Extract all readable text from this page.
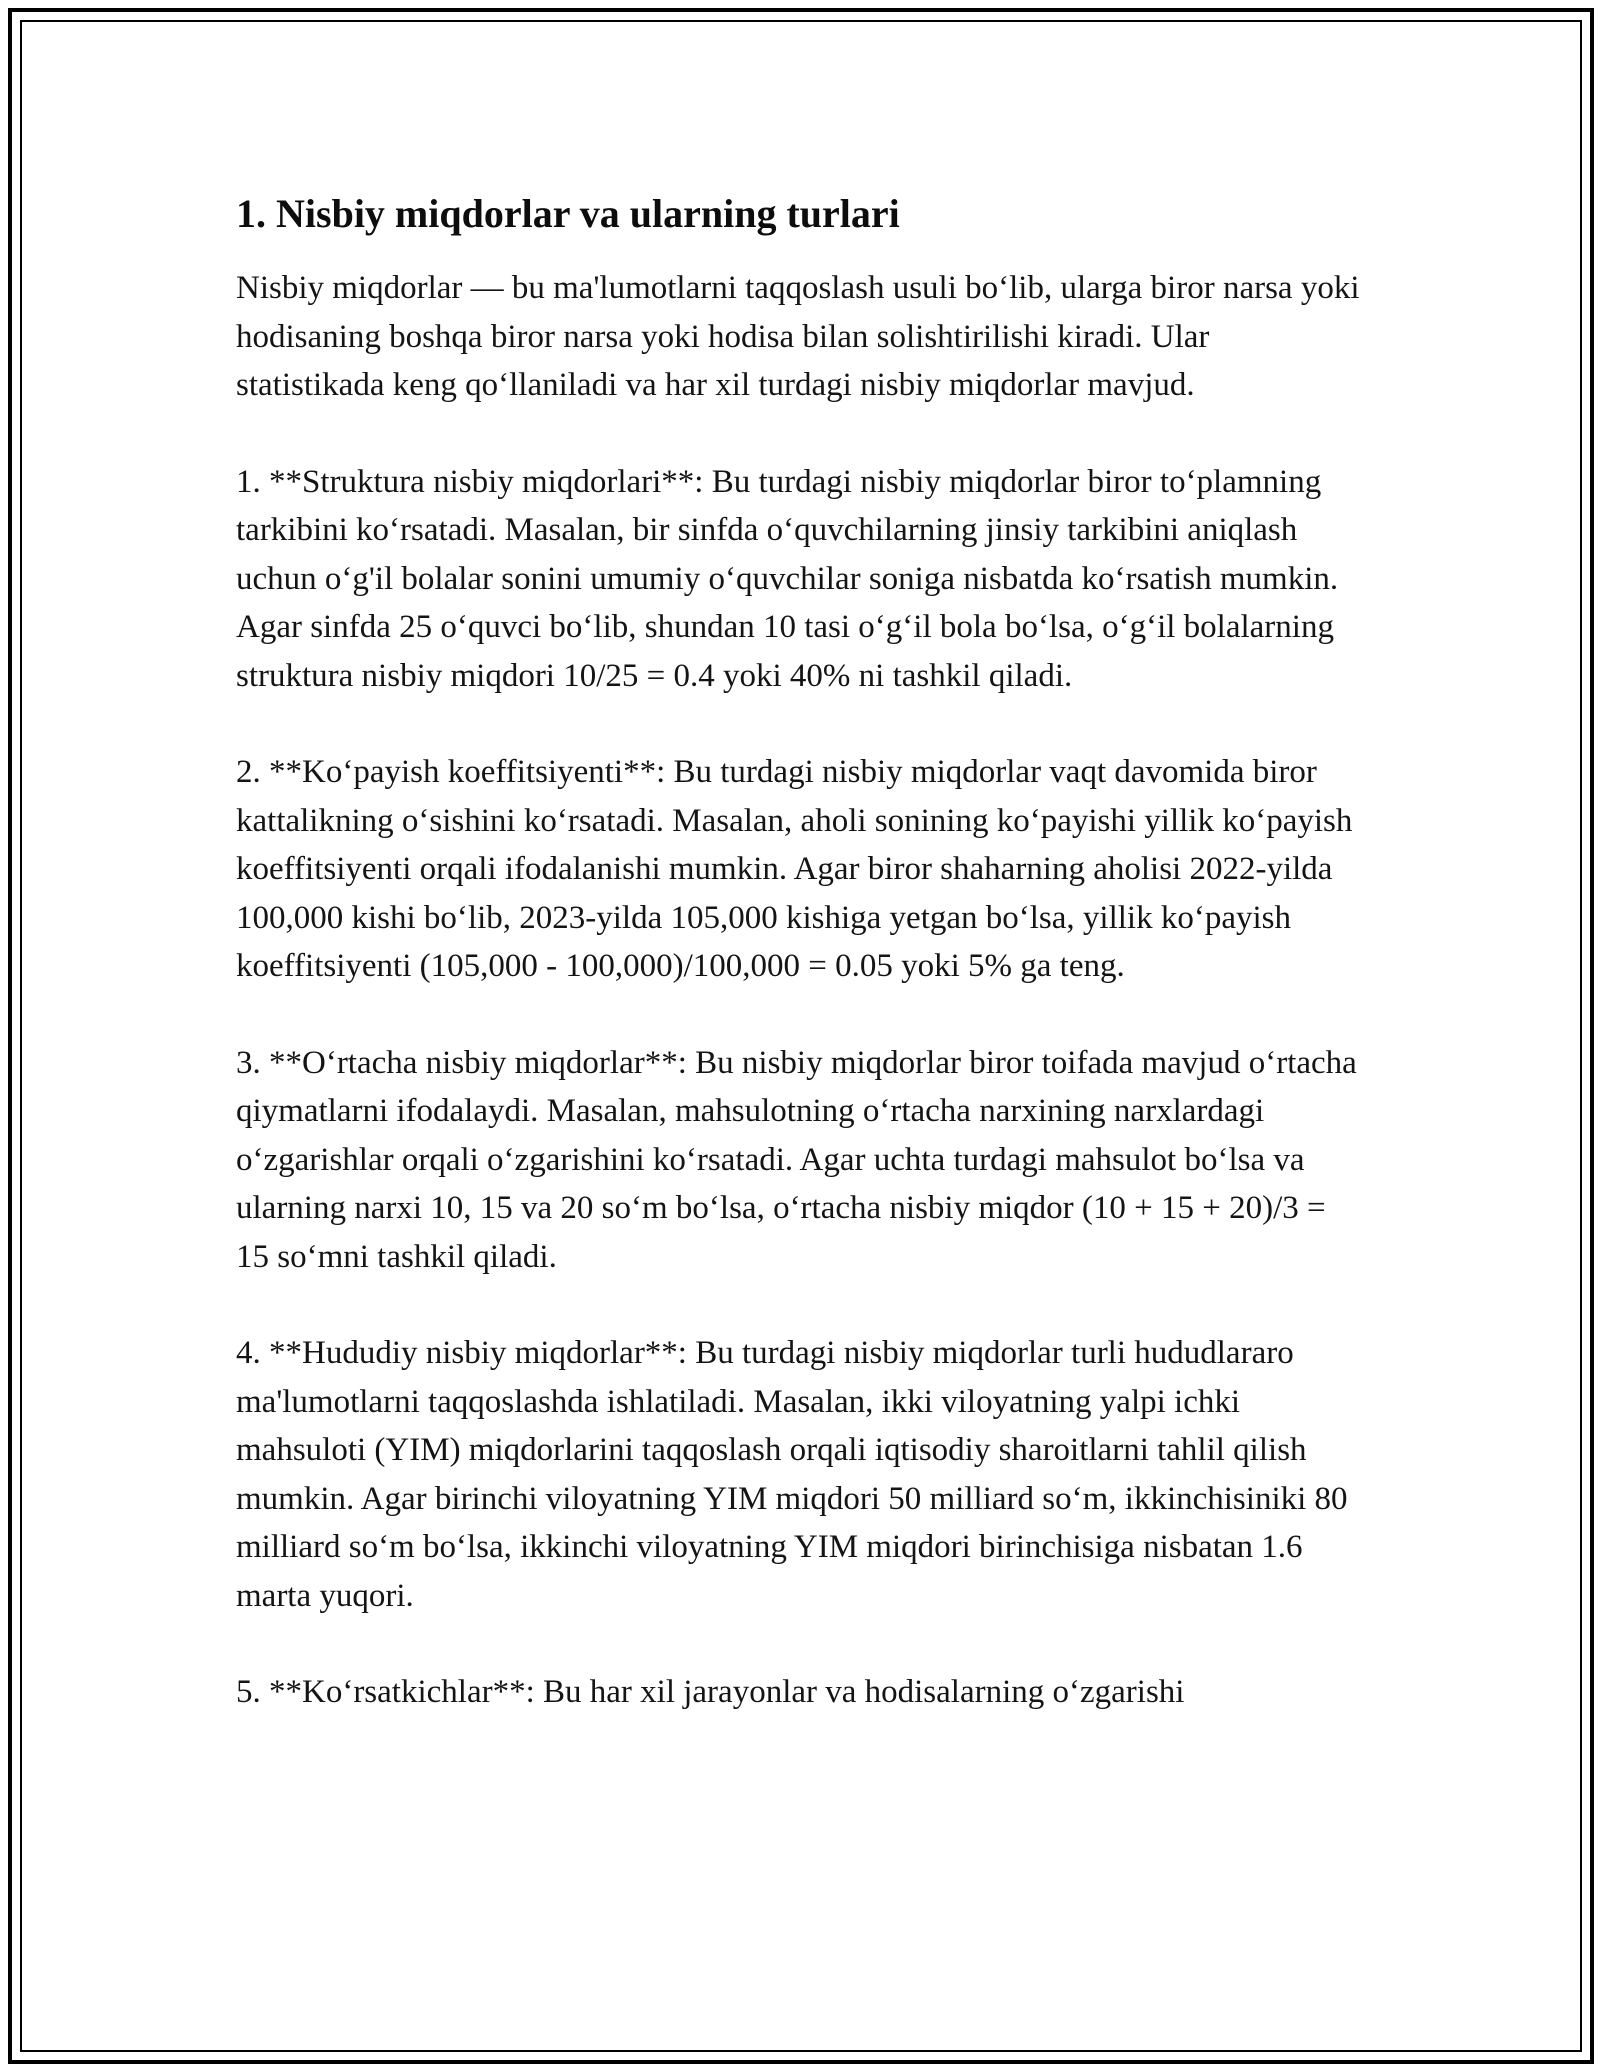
1. Nisbiy miqdorlar va ularning turlari

Nisbiy miqdorlar — bu ma'lumotlarni taqqoslash usuli bo‘lib, ularga biror narsa yoki hodisaning boshqa biror narsa yoki hodisa bilan solishtirilishi kiradi. Ular statistikada keng qo‘llaniladi va har xil turdagi nisbiy miqdorlar mavjud.

1. **Struktura nisbiy miqdorlari**: Bu turdagi nisbiy miqdorlar biror to‘plamning tarkibini ko‘rsatadi. Masalan, bir sinfda o‘quvchilarning jinsiy tarkibini aniqlash uchun o‘g'il bolalar sonini umumiy o‘quvchilar soniga nisbatda ko‘rsatish mumkin. Agar sinfda 25 o‘quvci bo‘lib, shundan 10 tasi o‘g‘il bola bo‘lsa, o‘g‘il bolalarning struktura nisbiy miqdori 10/25 = 0.4 yoki 40% ni tashkil qiladi.

2. **Ko‘payish koeffitsiyenti**: Bu turdagi nisbiy miqdorlar vaqt davomida biror kattalikning o‘sishini ko‘rsatadi. Masalan, aholi sonining ko‘payishi yillik ko‘payish koeffitsiyenti orqali ifodalanishi mumkin. Agar biror shaharning aholisi 2022-yilda 100,000 kishi bo‘lib, 2023-yilda 105,000 kishiga yetgan bo‘lsa, yillik ko‘payish koeffitsiyenti (105,000 - 100,000)/100,000 = 0.05 yoki 5% ga teng.

3. **O‘rtacha nisbiy miqdorlar**: Bu nisbiy miqdorlar biror toifada mavjud o‘rtacha qiymatlarni ifodalaydi. Masalan, mahsulotning o‘rtacha narxining narxlardagi o‘zgarishlar orqali o‘zgarishini ko‘rsatadi. Agar uchta turdagi mahsulot bo‘lsa va ularning narxi 10, 15 va 20 so‘m bo‘lsa, o‘rtacha nisbiy miqdor (10 + 15 + 20)/3 = 15 so‘mni tashkil qiladi.

4. **Hududiy nisbiy miqdorlar**: Bu turdagi nisbiy miqdorlar turli hududlararo ma'lumotlarni taqqoslashda ishlatiladi. Masalan, ikki viloyatning yalpi ichki mahsuloti (YIM) miqdorlarini taqqoslash orqali iqtisodiy sharoitlarni tahlil qilish mumkin. Agar birinchi viloyatning YIM miqdori 50 milliard so‘m, ikkinchisiniki 80 milliard so‘m bo‘lsa, ikkinchi viloyatning YIM miqdori birinchisiga nisbatan 1.6 marta yuqori.

5. **Ko‘rsatkichlar**: Bu har xil jarayonlar va hodisalarning o‘zgarishi
